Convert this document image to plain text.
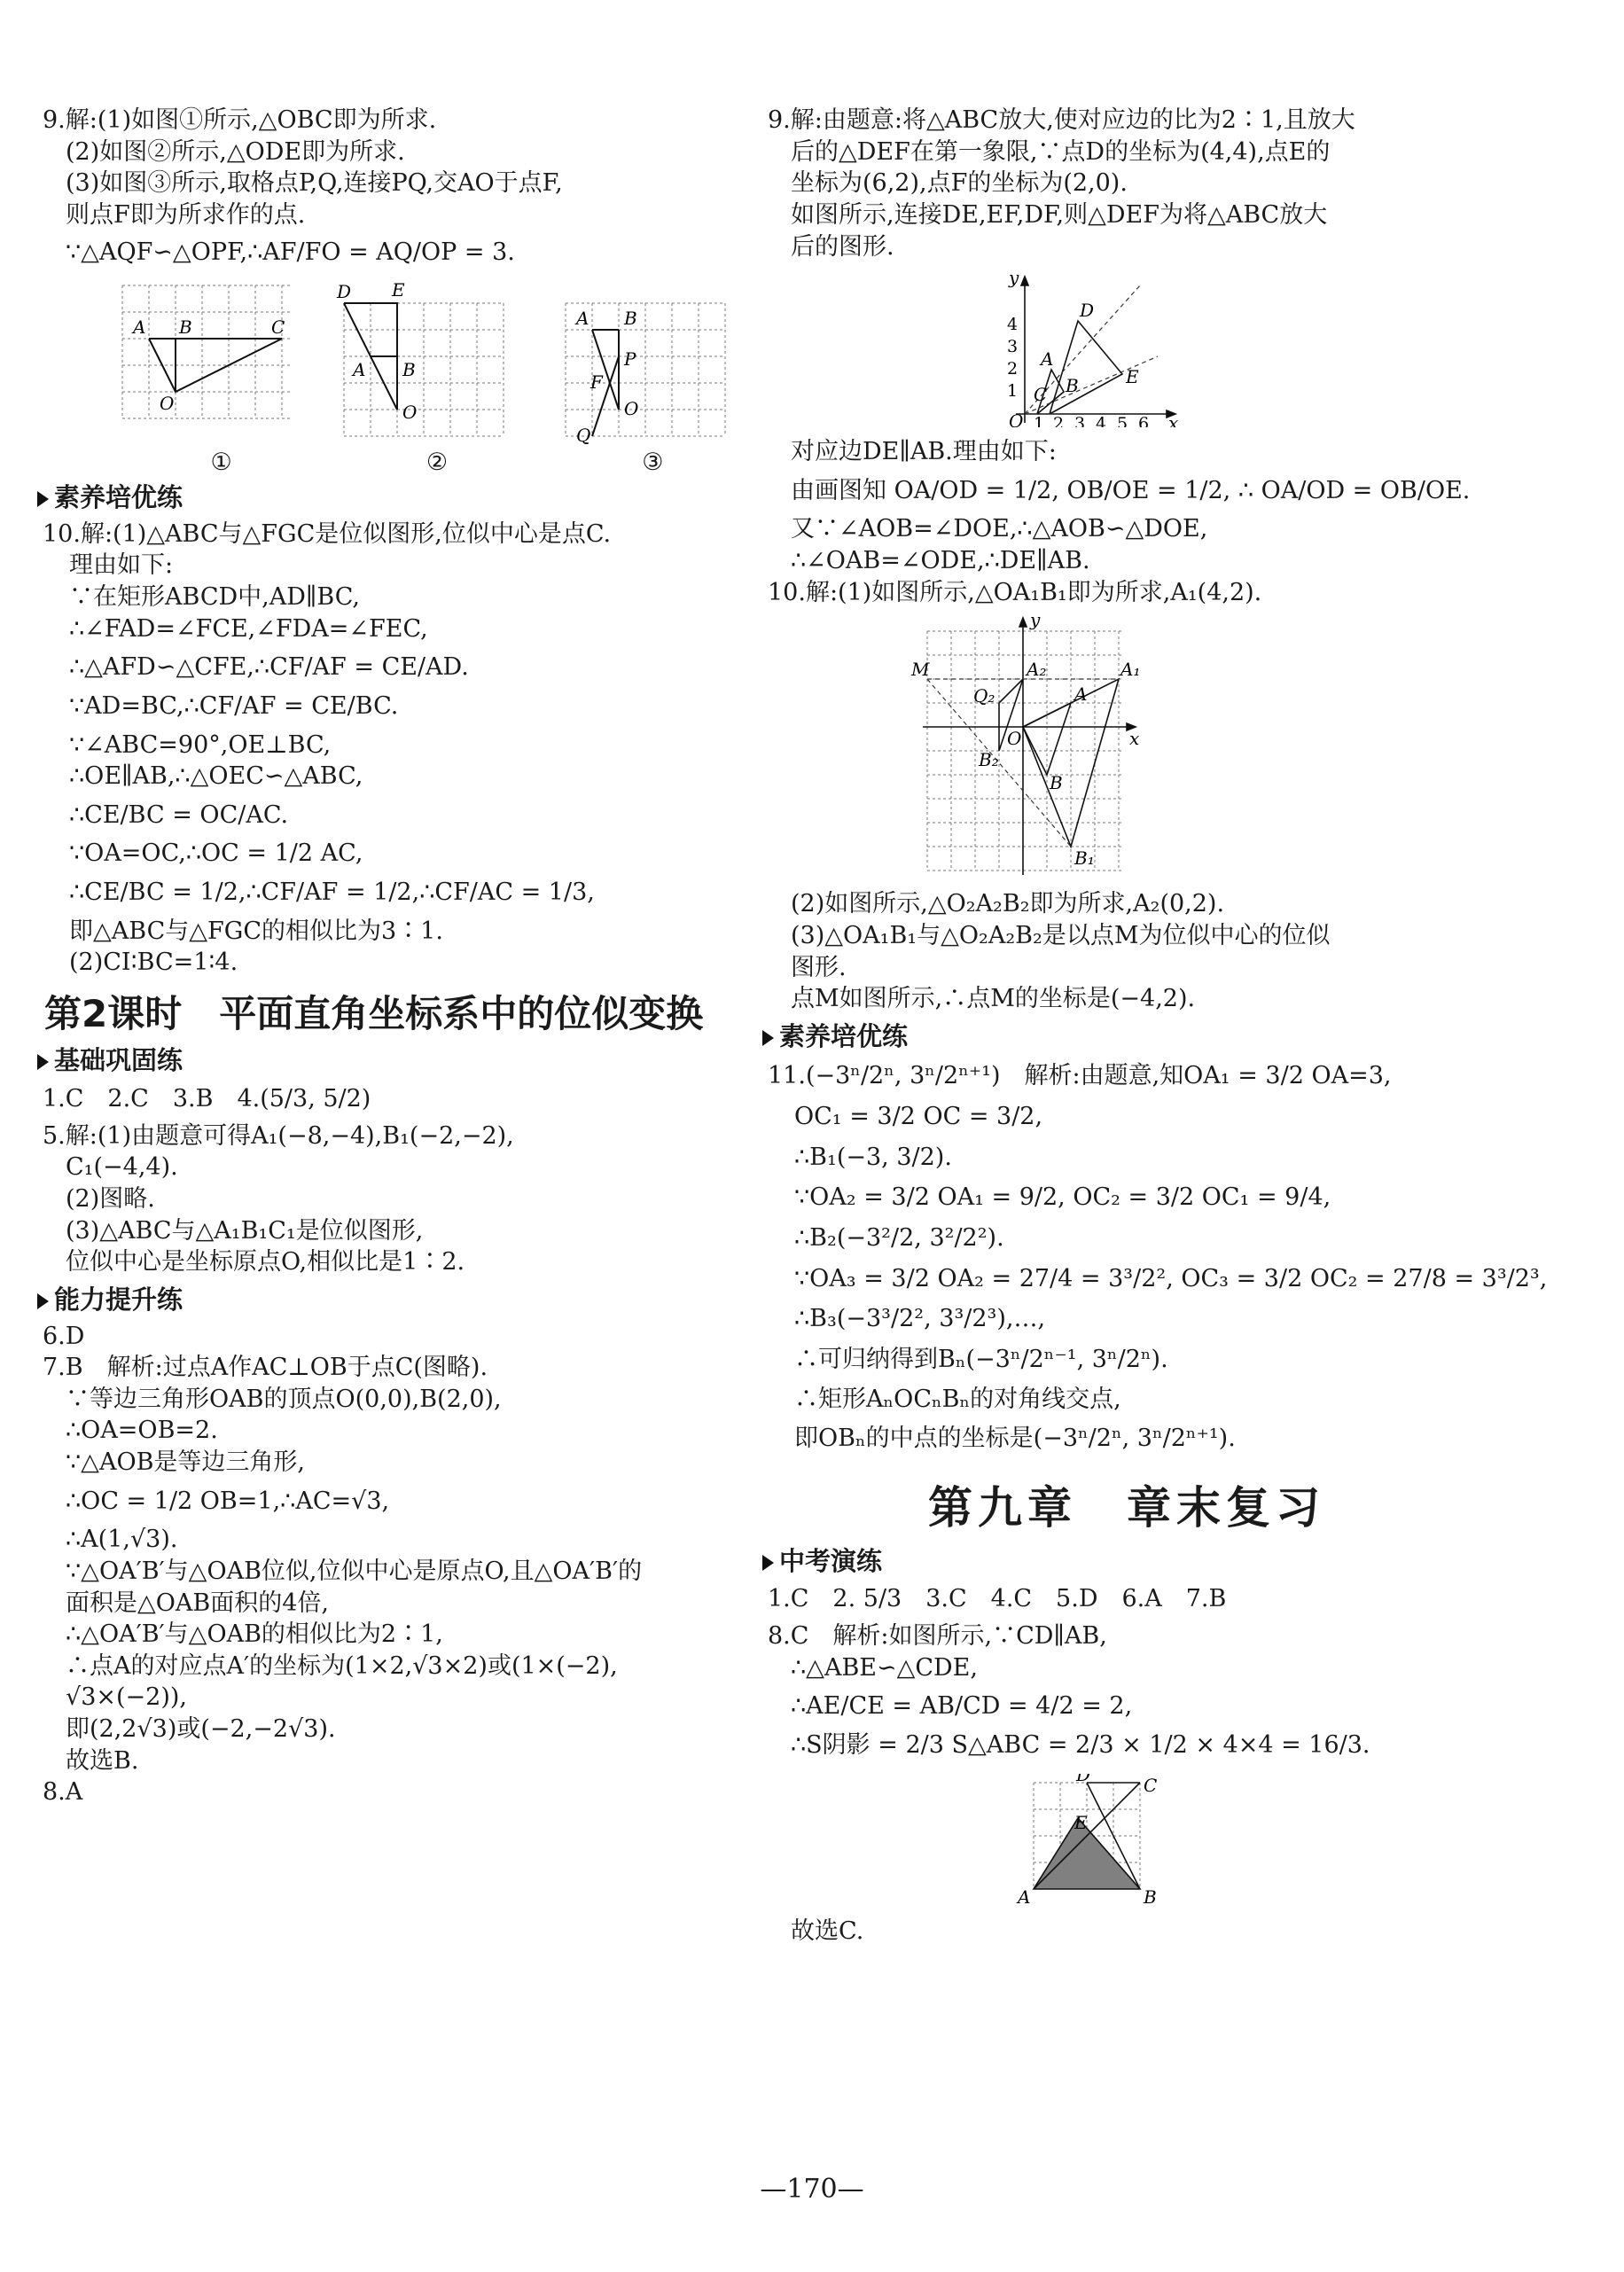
9.解:(1)如图①所示,△OBC即为所求.

(2)如图②所示,△ODE即为所求.

(3)如图③所示,取格点P,Q,连接PQ,交AO于点F,

则点F即为所求作的点.

∵△AQF∽△OPF,∴AF/FO = AQ/OP = 3.

A B	C
O
D E
A B
O
A B
P
F
O
Q
①	②	③
素养培优练

10.解:(1)△ABC与△FGC是位似图形,位似中心是点C.

理由如下:

∵在矩形ABCD中,AD∥BC,

∴∠FAD=∠FCE,∠FDA=∠FEC,

∴△AFD∽△CFE,∴CF/AF = CE/AD.

∵AD=BC,∴CF/AF = CE/BC.

∵∠ABC=90°,OE⊥BC,

∴OE∥AB,∴△OEC∽△ABC,

∴CE/BC = OC/AC.

∵OA=OC,∴OC = 1/2 AC,

∴CE/BC = 1/2,∴CF/AF = 1/2,∴CF/AC = 1/3,

即△ABC与△FGC的相似比为3∶1.

(2)CI∶BC=1∶4.

第2课时　平面直角坐标系中的位似变换
基础巩固练

1.C　2.C　3.B　4.(5/3, 5/2)

5.解:(1)由题意可得A₁(−8,−4),B₁(−2,−2),

C₁(−4,4).

(2)图略.

(3)△ABC与△A₁B₁C₁是位似图形,

位似中心是坐标原点O,相似比是1∶2.

能力提升练

6.D

7.B　解析:过点A作AC⊥OB于点C(图略).

∵等边三角形OAB的顶点O(0,0),B(2,0),

∴OA=OB=2.

∵△AOB是等边三角形,

∴OC = 1/2 OB=1,∴AC=√3,

∴A(1,√3).

∵△OA′B′与△OAB位似,位似中心是原点O,且△OA′B′的

面积是△OAB面积的4倍,

∴△OA′B′与△OAB的相似比为2∶1,

∴点A的对应点A′的坐标为(1×2,√3×2)或(1×(−2),

√3×(−2)),

即(2,2√3)或(−2,−2√3).

故选B.

8.A

9.解:由题意:将△ABC放大,使对应边的比为2∶1,且放大

后的△DEF在第一象限,∵点D的坐标为(4,4),点E的

坐标为(6,2),点F的坐标为(2,0).

如图所示,连接DE,EF,DF,则△DEF为将△ABC放大

后的图形.

y
x
D
A
B
C
E
O
4
3
2
1
1 2 3 4 5 6

对应边DE∥AB.理由如下:

由画图知 OA/OD = 1/2, OB/OE = 1/2, ∴ OA/OD = OB/OE.

又∵∠AOB=∠DOE,∴△AOB∽△DOE,

∴∠OAB=∠ODE,∴DE∥AB.

10.解:(1)如图所示,△OA₁B₁即为所求,A₁(4,2).

y
x
M
Q₂
A₂	A₁
A
O
B₂
B
B₁

(2)如图所示,△O₂A₂B₂即为所求,A₂(0,2).

(3)△OA₁B₁与△O₂A₂B₂是以点M为位似中心的位似

图形.

点M如图所示,∴点M的坐标是(−4,2).

素养培优练

11.(−3ⁿ/2ⁿ, 3ⁿ/2ⁿ⁺¹)　解析:由题意,知OA₁ = 3/2 OA=3,

OC₁ = 3/2 OC = 3/2,

∴B₁(−3, 3/2).

∵OA₂ = 3/2 OA₁ = 9/2, OC₂ = 3/2 OC₁ = 9/4,

∴B₂(−3²/2, 3²/2²).

∵OA₃ = 3/2 OA₂ = 27/4 = 3³/2², OC₃ = 3/2 OC₂ = 27/8 = 3³/2³,

∴B₃(−3³/2², 3³/2³),…,

∴可归纳得到Bₙ(−3ⁿ/2ⁿ⁻¹, 3ⁿ/2ⁿ).

∴矩形AₙOCₙBₙ的对角线交点,

即OBₙ的中点的坐标是(−3ⁿ/2ⁿ, 3ⁿ/2ⁿ⁺¹).

第九章　章末复习
中考演练

1.C　2. 5/3　3.C　4.C　5.D　6.A　7.B

8.C　解析:如图所示,∵CD∥AB,

∴△ABE∽△CDE,

∴AE/CE = AB/CD = 4/2 = 2,

∴S阴影 = 2/3 S△ABC = 2/3 × 1/2 × 4×4 = 16/3.

D	C
E
A	B

故选C.

—170—
